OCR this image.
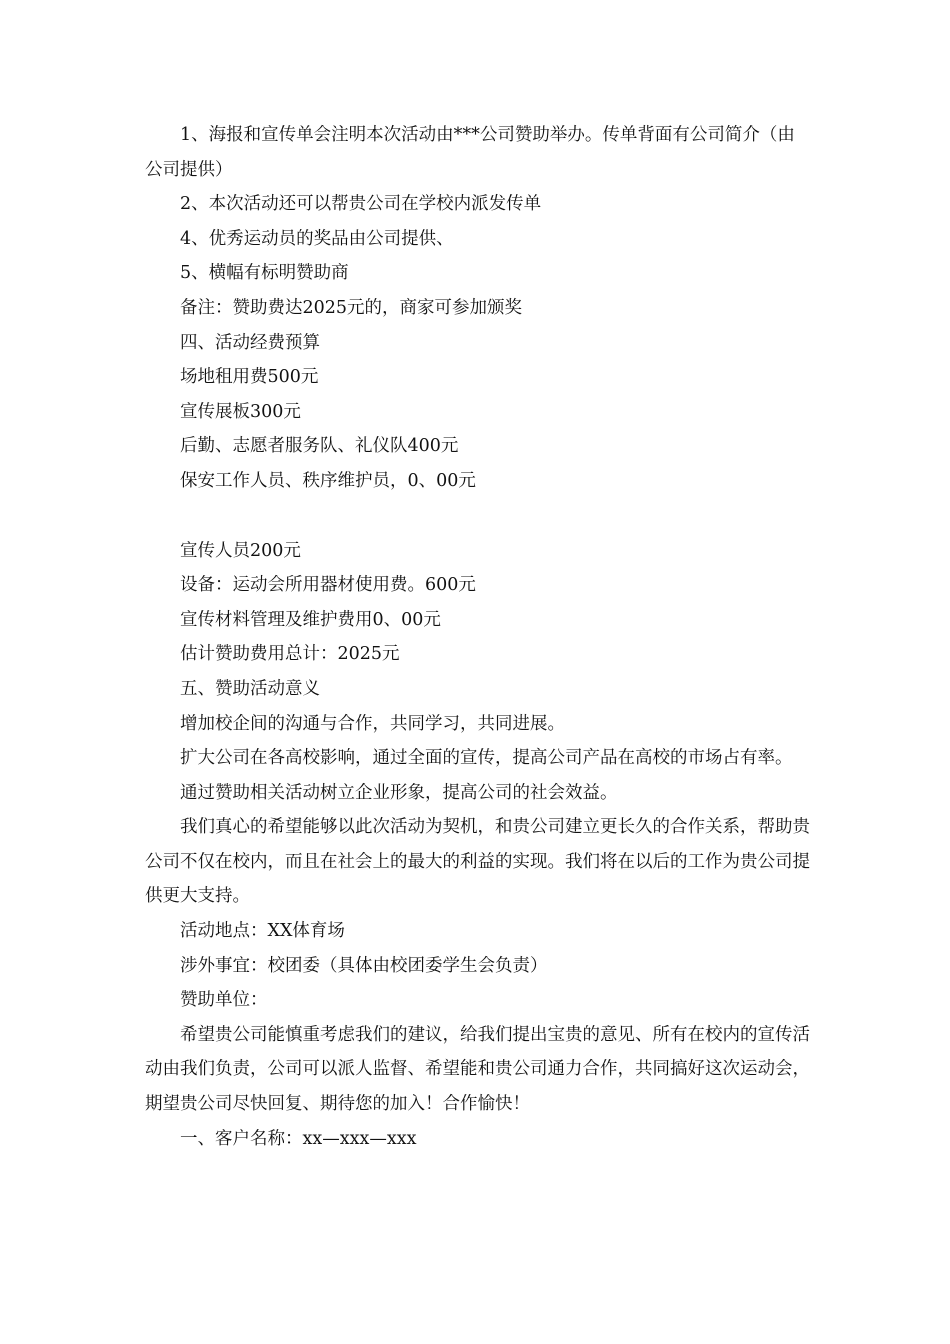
1、海报和宣传单会注明本次活动由***公司赞助举办。传单背面有公司简介（由公司提供）

2、本次活动还可以帮贵公司在学校内派发传单

4、优秀运动员的奖品由公司提供、

5、横幅有标明赞助商

备注：赞助费达2025元的，商家可参加颁奖

四、活动经费预算

场地租用费500元

宣传展板300元

后勤、志愿者服务队、礼仪队400元

保安工作人员、秩序维护员，0、00元

宣传人员200元

设备：运动会所用器材使用费。600元

宣传材料管理及维护费用0、00元

估计赞助费用总计：2025元

五、赞助活动意义

增加校企间的沟通与合作，共同学习，共同进展。

扩大公司在各高校影响，通过全面的宣传，提高公司产品在高校的市场占有率。

通过赞助相关活动树立企业形象，提高公司的社会效益。

我们真心的希望能够以此次活动为契机，和贵公司建立更长久的合作关系，帮助贵公司不仅在校内，而且在社会上的最大的利益的实现。我们将在以后的工作为贵公司提供更大支持。

活动地点：XX体育场

涉外事宜：校团委（具体由校团委学生会负责）

赞助单位：

希望贵公司能慎重考虑我们的建议，给我们提出宝贵的意见、所有在校内的宣传活动由我们负责，公司可以派人监督、希望能和贵公司通力合作，共同搞好这次运动会，期望贵公司尽快回复、期待您的加入！合作愉快！

一、客户名称：xx—xxx—xxx
